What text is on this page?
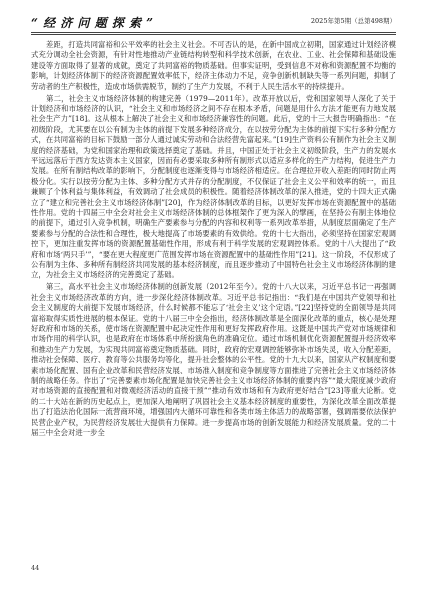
“ 经 济 问 题 探 索 ”	2025年第5期（总第498期）

　　差距，打造共同富裕和公平效率的社会主义社会。不可否认的是，在新中国成立初期，国家通过计划经济模式充分调动全社会资源，有针对性地推动产业链结构转型和科学技术创新，在农业、工业、社会保障和基础设施建设等方面取得了显著的成就，奠定了共同富裕的物质基础。但事实证明，受到信息不对称和资源配置不均衡的影响，计划经济体制下的经济资源配置效率低下，经济主体动力不足，竞争创新机制缺失等一系列问题，抑制了劳动者的生产积极性，造成市场供需脱节，制约了生产力发展，不利于人民生活水平的持续提升。

　　第二，社会主义市场经济体制的构建完善（1979—2011年）。改革开放以后，党和国家领导人深化了关于计划经济和市场经济的认识，“社会主义和市场经济之间不存在根本矛盾，问题是用什么方法才能更有力地发展社会生产力”[18]。这从根本上解决了社会主义和市场经济兼容性的问题。此后，党的十三大报告明确指出：“在初级阶段，尤其要在以公有制为主体的前提下发展多种经济成分，在以按劳分配为主体的前提下实行多种分配方式，在共同富裕的目标下鼓励一部分人通过诚实劳动和合法经营先富起来。”[19]生产资料公有制作为社会主义制度的经济基础，为党和国家治理和政策选择奠定了基础。并且，中国正处于社会主义初级阶段，生产力的发展水平远远落后于西方发达资本主义国家，因而有必要采取多种所有制形式以适应多样化的生产力结构，促进生产力发展。在所有制结构改革的影响下，分配制度也逐渐变得与市场经济相适应。在合理拉开收入差距的同时防止两极分化。实行以按劳分配为主体、多种分配方式并存的分配制度，不仅保证了社会主义公平和效率的统一，而且兼顾了个体利益与集体利益，有效调动了社会成员的积极性。随着经济体制改革的深入推进，党的十四大正式确立了“建立和完善社会主义市场经济体制”[20]，作为经济体制改革的目标，以更好发挥市场在资源配置中的基础性作用。党的十四届三中全会对社会主义市场经济体制的总体框架作了更为深入的擘画，在坚持公有制主体地位的前提下，通过引入竞争机制，明确生产要素参与分配的内容和权利等一系列改革举措，从制度层面确定了生产要素参与分配的合法性和合理性，极大地提高了市场要素的有效供给。党的十七大指出，必须坚持在国家宏观调控下，更加注重发挥市场的资源配置基础性作用，形成有利于科学发展的宏观调控体系。党的十八大提出了“政府和市场‘两只手’”，“要在更大程度更广范围发挥市场在资源配置中的基础性作用”[21]。这一阶段，不仅形成了公有制为主体、多种所有制经济共同发展的基本经济制度，而且逐步推动了中国特色社会主义市场经济体制的建立，为社会主义市场经济的完善奠定了基础。

　　第三，高水平社会主义市场经济体制的创新发展（2012年至今）。党的十八大以来，习近平总书记一再强调社会主义市场经济改革的方向，进一步深化经济体制改革。习近平总书记指出：“我们是在中国共产党领导和社会主义制度的大前提下发展市场经济，什么时候都不能忘了‘社会主义’这个定语。”[22]坚持党的全面领导是共同富裕取得实质性进展的根本保证。党的十八届三中全会指出，经济体制改革是全面深化改革的重点，核心是处理好政府和市场的关系，使市场在资源配置中起决定性作用和更好发挥政府作用。这既是中国共产党对市场规律和市场作用的科学认识，也是政府在市场体系中所扮演角色的准确定位。通过市场机制优化资源配置提升经济效率和推动生产力发展，为实现共同富裕奠定物质基础。同时，政府的宏观调控能够弥补市场失灵，收入分配差距，推动社会保障、医疗、教育等公共服务均等化，提升社会整体的公平性。党的十九大以来，国家从产权制度和要素市场化配置、国有企业改革和民营经济发展、市场准入制度和竞争制度等方面推进了完善社会主义市场经济体制的战略任务。作出了“完善要素市场化配置是加快完善社会主义市场经济体制的重要内容”“最大限度减少政府对市场资源的直接配置和对微观经济活动的直接干预”“推动有效市场和有为政府更好结合”[23]等重大论断。党的二十大站在新的历史起点上，更加深入地阐明了巩固社会主义基本经济制度的重要性，为深化改革全面改革提出了打造法治化国际一流营商环境，增强国内大循环可靠性和各类市场主体活力的战略部署，强调需要依法保护民营企业产权，为民营经济发展壮大提供有力保障。进一步提高市场的创新发展能力和经济发展质量。党的二十届三中全会对进一步全

44
